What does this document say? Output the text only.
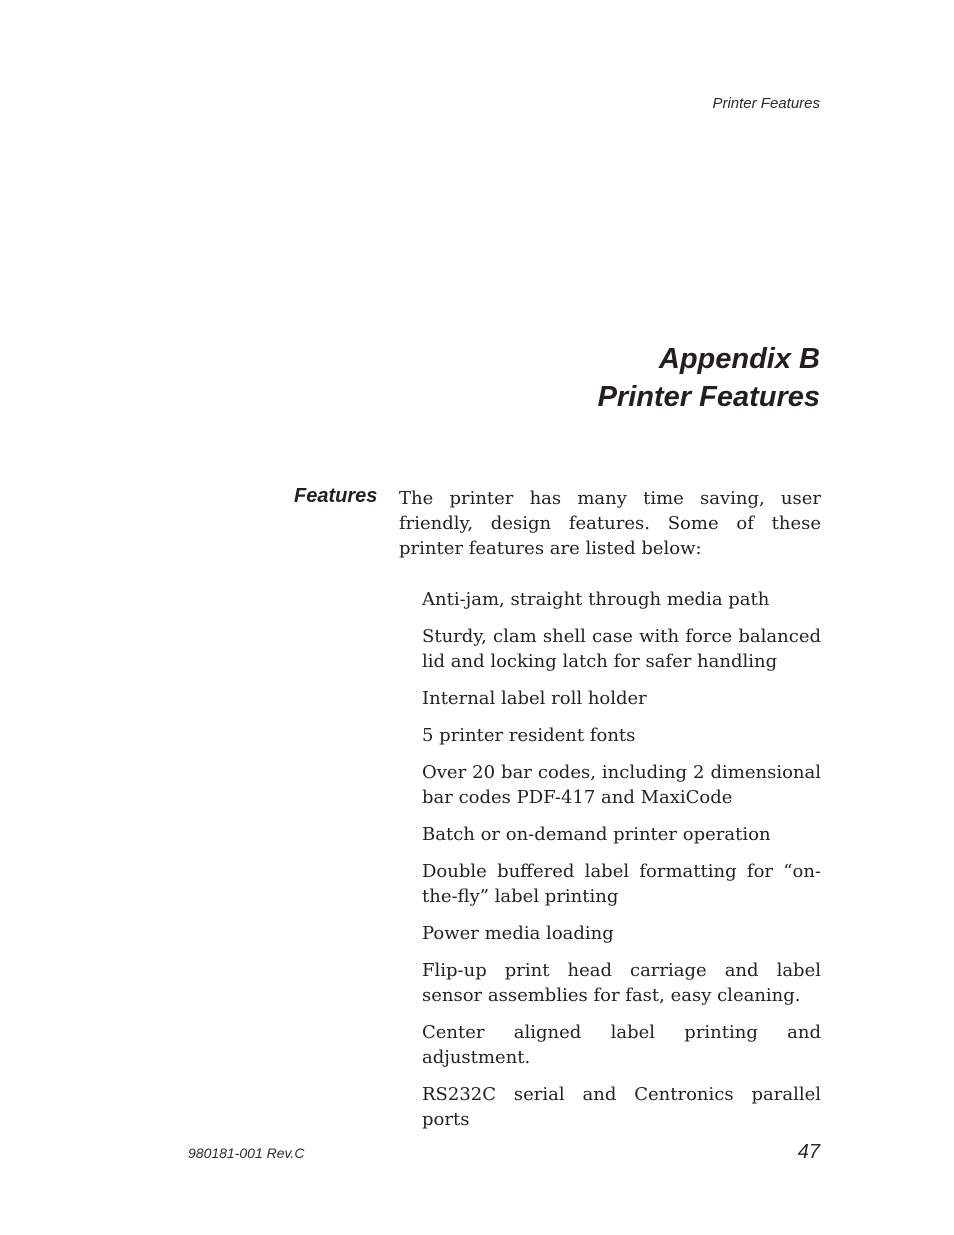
Printer Features
Appendix B
Printer Features
Features The printer has many time saving, user friendly, design features. Some of these printer features are listed below:

Anti-jam, straight through media path
Sturdy, clam shell case with force balanced lid and locking latch for safer handling
Internal label roll holder
5 printer resident fonts
Over 20 bar codes, including 2 dimensional bar codes PDF-417 and MaxiCode
Batch or on-demand printer operation
Double buffered label formatting for “on-the-fly” label printing
Power media loading
Flip-up print head carriage and label sensor assemblies for fast, easy cleaning.
Center aligned label printing and adjustment.
RS232C serial and Centronics parallel ports
980181-001 Rev.C	47
